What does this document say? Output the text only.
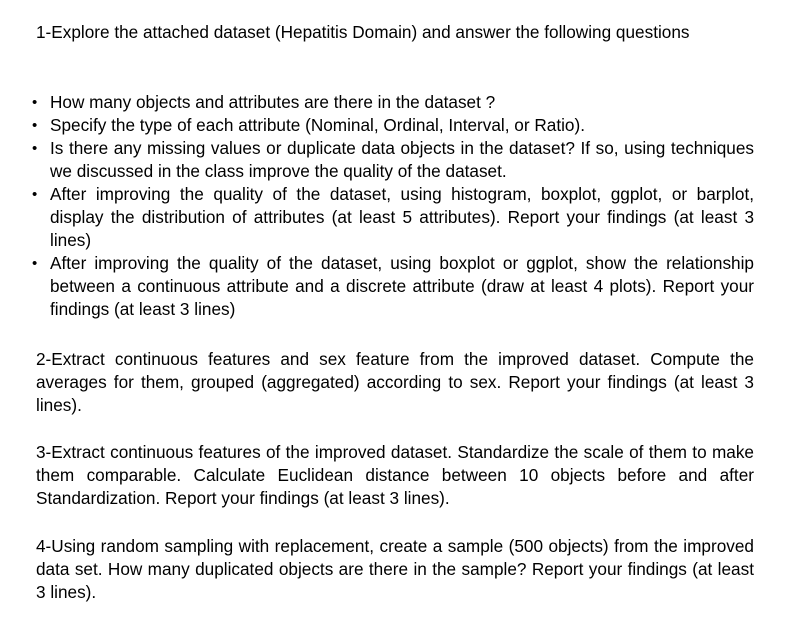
1-Explore the attached dataset (Hepatitis Domain) and answer the following questions

• How many objects and attributes are there in the dataset ?
• Specify the type of each attribute (Nominal, Ordinal, Interval, or Ratio).
• Is there any missing values or duplicate data objects in the dataset? If so, using techniques we discussed in the class improve the quality of the dataset.
• After improving the quality of the dataset, using histogram, boxplot, ggplot, or barplot, display the distribution of attributes (at least 5 attributes). Report your findings (at least 3 lines)
• After improving the quality of the dataset, using boxplot or ggplot, show the relationship between a continuous attribute and a discrete attribute (draw at least 4 plots). Report your findings (at least 3 lines)

2-Extract continuous features and sex feature from the improved dataset. Compute the averages for them, grouped (aggregated) according to sex. Report your findings (at least 3 lines).

3-Extract continuous features of the improved dataset. Standardize the scale of them to make them comparable. Calculate Euclidean distance between 10 objects before and after Standardization. Report your findings (at least 3 lines).

4-Using random sampling with replacement, create a sample (500 objects) from the improved data set. How many duplicated objects are there in the sample? Report your findings (at least 3 lines).
